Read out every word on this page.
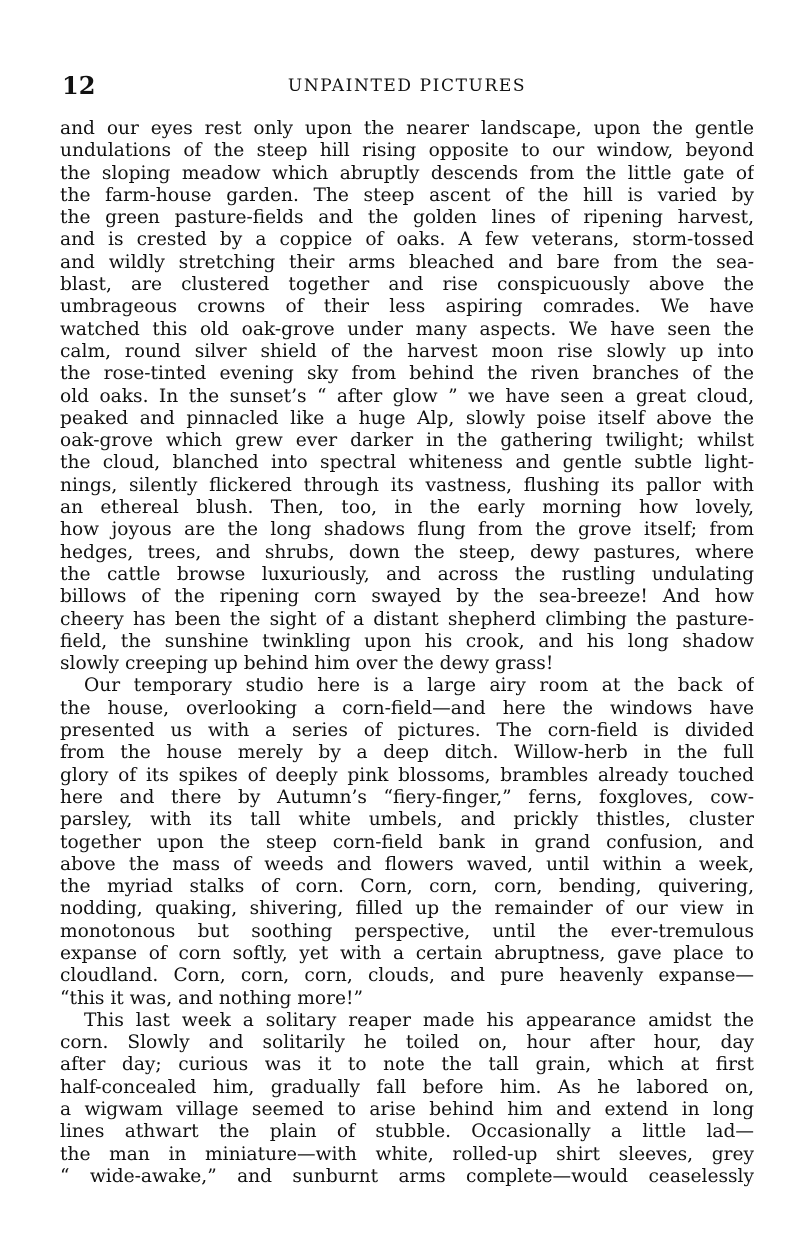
12	UNPAINTED PICTURES
and our eyes rest only upon the nearer landscape, upon the gentle
undulations of the steep hill rising opposite to our window, beyond
the sloping meadow which abruptly descends from the little gate of
the farm-house garden. The steep ascent of the hill is varied by
the green pasture-fields and the golden lines of ripening harvest,
and is crested by a coppice of oaks. A few veterans, storm-tossed
and wildly stretching their arms bleached and bare from the sea-
blast, are clustered together and rise conspicuously above the
umbrageous crowns of their less aspiring comrades. We have
watched this old oak-grove under many aspects. We have seen the
calm, round silver shield of the harvest moon rise slowly up into
the rose-tinted evening sky from behind the riven branches of the
old oaks. In the sunset’s “ after glow ” we have seen a great cloud,
peaked and pinnacled like a huge Alp, slowly poise itself above the
oak-grove which grew ever darker in the gathering twilight; whilst
the cloud, blanched into spectral whiteness and gentle subtle light-
nings, silently flickered through its vastness, flushing its pallor with
an ethereal blush. Then, too, in the early morning how lovely,
how joyous are the long shadows flung from the grove itself; from
hedges, trees, and shrubs, down the steep, dewy pastures, where
the cattle browse luxuriously, and across the rustling undulating
billows of the ripening corn swayed by the sea-breeze! And how
cheery has been the sight of a distant shepherd climbing the pasture-
field, the sunshine twinkling upon his crook, and his long shadow
slowly creeping up behind him over the dewy grass!
Our temporary studio here is a large airy room at the back of
the house, overlooking a corn-field—and here the windows have
presented us with a series of pictures. The corn-field is divided
from the house merely by a deep ditch. Willow-herb in the full
glory of its spikes of deeply pink blossoms, brambles already touched
here and there by Autumn’s “fiery-finger,” ferns, foxgloves, cow-
parsley, with its tall white umbels, and prickly thistles, cluster
together upon the steep corn-field bank in grand confusion, and
above the mass of weeds and flowers waved, until within a week,
the myriad stalks of corn. Corn, corn, corn, bending, quivering,
nodding, quaking, shivering, filled up the remainder of our view in
monotonous but soothing perspective, until the ever-tremulous
expanse of corn softly, yet with a certain abruptness, gave place to
cloudland. Corn, corn, corn, clouds, and pure heavenly expanse—
“this it was, and nothing more!”
This last week a solitary reaper made his appearance amidst the
corn. Slowly and solitarily he toiled on, hour after hour, day
after day; curious was it to note the tall grain, which at first
half-concealed him, gradually fall before him. As he labored on,
a wigwam village seemed to arise behind him and extend in long
lines athwart the plain of stubble. Occasionally a little lad—
the man in miniature—with white, rolled-up shirt sleeves, grey
“ wide-awake,” and sunburnt arms complete—would ceaselessly
